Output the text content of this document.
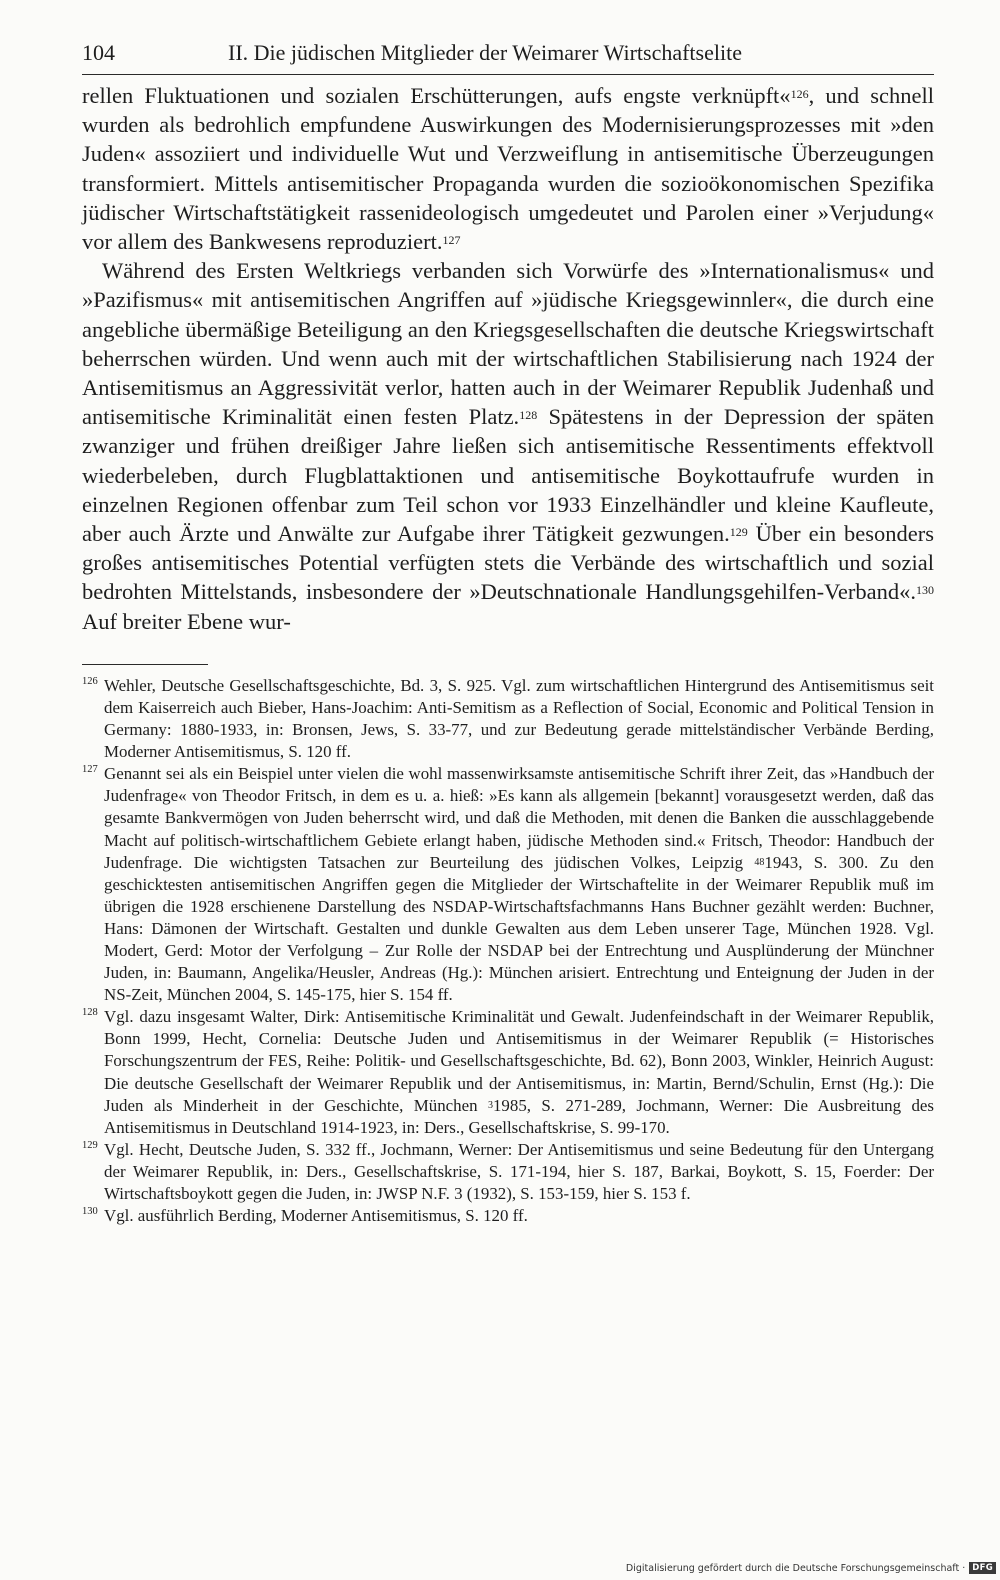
104	II. Die jüdischen Mitglieder der Weimarer Wirtschaftselite

rellen Fluktuationen und sozialen Erschütterungen, aufs engste verknüpft«$^{126}$, und schnell wurden als bedrohlich empfundene Auswirkungen des Modernisierungsprozesses mit »den Juden« assoziiert und individuelle Wut und Verzweiflung in antisemitische Überzeugungen transformiert. Mittels antisemitischer Propaganda wurden die sozioökonomischen Spezifika jüdischer Wirtschaftstätigkeit rassenideologisch umgedeutet und Parolen einer »Verjudung« vor allem des Bankwesens reproduziert.$^{127}$

Während des Ersten Weltkriegs verbanden sich Vorwürfe des »Internationalismus« und »Pazifismus« mit antisemitischen Angriffen auf »jüdische Kriegsgewinnler«, die durch eine angebliche übermäßige Beteiligung an den Kriegsgesellschaften die deutsche Kriegswirtschaft beherrschen würden. Und wenn auch mit der wirtschaftlichen Stabilisierung nach 1924 der Antisemitismus an Aggressivität verlor, hatten auch in der Weimarer Republik Judenhaß und antisemitische Kriminalität einen festen Platz.$^{128}$ Spätestens in der Depression der späten zwanziger und frühen dreißiger Jahre ließen sich antisemitische Ressentiments effektvoll wiederbeleben, durch Flugblattaktionen und antisemitische Boykottaufrufe wurden in einzelnen Regionen offenbar zum Teil schon vor 1933 Einzelhändler und kleine Kaufleute, aber auch Ärzte und Anwälte zur Aufgabe ihrer Tätigkeit gezwungen.$^{129}$ Über ein besonders großes antisemitisches Potential verfügten stets die Verbände des wirtschaftlich und sozial bedrohten Mittelstands, insbesondere der »Deutschnationale Handlungsgehilfen-Verband«.$^{130}$ Auf breiter Ebene wur-

126 Wehler, Deutsche Gesellschaftsgeschichte, Bd. 3, S. 925. Vgl. zum wirtschaftlichen Hintergrund des Antisemitismus seit dem Kaiserreich auch Bieber, Hans-Joachim: Anti-Semitism as a Reflection of Social, Economic and Political Tension in Germany: 1880-1933, in: Bronsen, Jews, S. 33-77, und zur Bedeutung gerade mittelständischer Verbände Berding, Moderner Antisemitismus, S. 120 ff.

127 Genannt sei als ein Beispiel unter vielen die wohl massenwirksamste antisemitische Schrift ihrer Zeit, das »Handbuch der Judenfrage« von Theodor Fritsch, in dem es u. a. hieß: »Es kann als allgemein [bekannt] vorausgesetzt werden, daß das gesamte Bankvermögen von Juden beherrscht wird, und daß die Methoden, mit denen die Banken die ausschlaggebende Macht auf politisch-wirtschaftlichem Gebiete erlangt haben, jüdische Methoden sind.« Fritsch, Theodor: Handbuch der Judenfrage. Die wichtigsten Tatsachen zur Beurteilung des jüdischen Volkes, Leipzig $^{48}$1943, S. 300. Zu den geschicktesten antisemitischen Angriffen gegen die Mitglieder der Wirtschaftelite in der Weimarer Republik muß im übrigen die 1928 erschienene Darstellung des NSDAP-Wirtschaftsfachmanns Hans Buchner gezählt werden: Buchner, Hans: Dämonen der Wirtschaft. Gestalten und dunkle Gewalten aus dem Leben unserer Tage, München 1928. Vgl. Modert, Gerd: Motor der Verfolgung – Zur Rolle der NSDAP bei der Entrechtung und Ausplünderung der Münchner Juden, in: Baumann, Angelika/Heusler, Andreas (Hg.): München arisiert. Entrechtung und Enteignung der Juden in der NS-Zeit, München 2004, S. 145-175, hier S. 154 ff.

128 Vgl. dazu insgesamt Walter, Dirk: Antisemitische Kriminalität und Gewalt. Judenfeindschaft in der Weimarer Republik, Bonn 1999, Hecht, Cornelia: Deutsche Juden und Antisemitismus in der Weimarer Republik (= Historisches Forschungszentrum der FES, Reihe: Politik- und Gesellschaftsgeschichte, Bd. 62), Bonn 2003, Winkler, Heinrich August: Die deutsche Gesellschaft der Weimarer Republik und der Antisemitismus, in: Martin, Bernd/Schulin, Ernst (Hg.): Die Juden als Minderheit in der Geschichte, München $^3$1985, S. 271-289, Jochmann, Werner: Die Ausbreitung des Antisemitismus in Deutschland 1914-1923, in: Ders., Gesellschaftskrise, S. 99-170.

129 Vgl. Hecht, Deutsche Juden, S. 332 ff., Jochmann, Werner: Der Antisemitismus und seine Bedeutung für den Untergang der Weimarer Republik, in: Ders., Gesellschaftskrise, S. 171-194, hier S. 187, Barkai, Boykott, S. 15, Foerder: Der Wirtschaftsboykott gegen die Juden, in: JWSP N.F. 3 (1932), S. 153-159, hier S. 153 f.

130 Vgl. ausführlich Berding, Moderner Antisemitismus, S. 120 ff.

Digitalisierung gefördert durch die Deutsche Forschungsgemeinschaft · DFG
